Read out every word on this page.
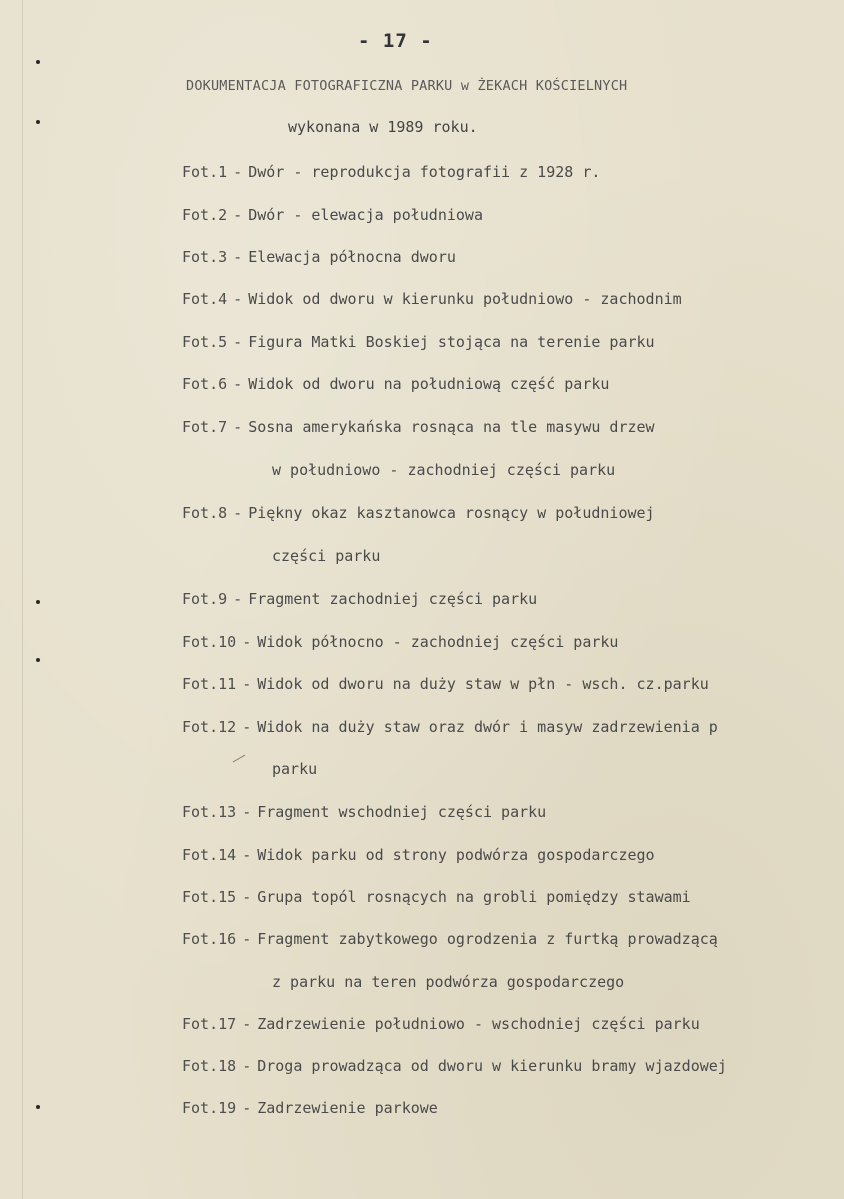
- 17 -
DOKUMENTACJA FOTOGRAFICZNA PARKU w ŻEKACH KOŚCIELNYCH
wykonana w 1989 roku.
Fot.1 - Dwór - reprodukcja fotografii z 1928 r.
Fot.2 - Dwór - elewacja południowa
Fot.3 - Elewacja północna dworu
Fot.4 - Widok od dworu w kierunku południowo - zachodnim
Fot.5 - Figura Matki Boskiej stojąca na terenie parku
Fot.6 - Widok od dworu na południową część parku
Fot.7 - Sosna amerykańska rosnąca na tle masywu drzew
w południowo - zachodniej części parku
Fot.8 - Piękny okaz kasztanowca rosnący w południowej
części parku
Fot.9 - Fragment zachodniej części parku
Fot.10 - Widok północno - zachodniej części parku
Fot.11 - Widok od dworu na duży staw w płn - wsch. cz.parku
Fot.12 - Widok na duży staw oraz dwór i masyw zadrzewienia p
parku
Fot.13 - Fragment wschodniej części parku
Fot.14 - Widok parku od strony podwórza gospodarczego
Fot.15 - Grupa topól rosnących na grobli pomiędzy stawami
Fot.16 - Fragment zabytkowego ogrodzenia z furtką prowadzącą
z parku na teren podwórza gospodarczego
Fot.17 - Zadrzewienie południowo - wschodniej części parku
Fot.18 - Droga prowadząca od dworu w kierunku bramy wjazdowej
Fot.19 - Zadrzewienie parkowe
